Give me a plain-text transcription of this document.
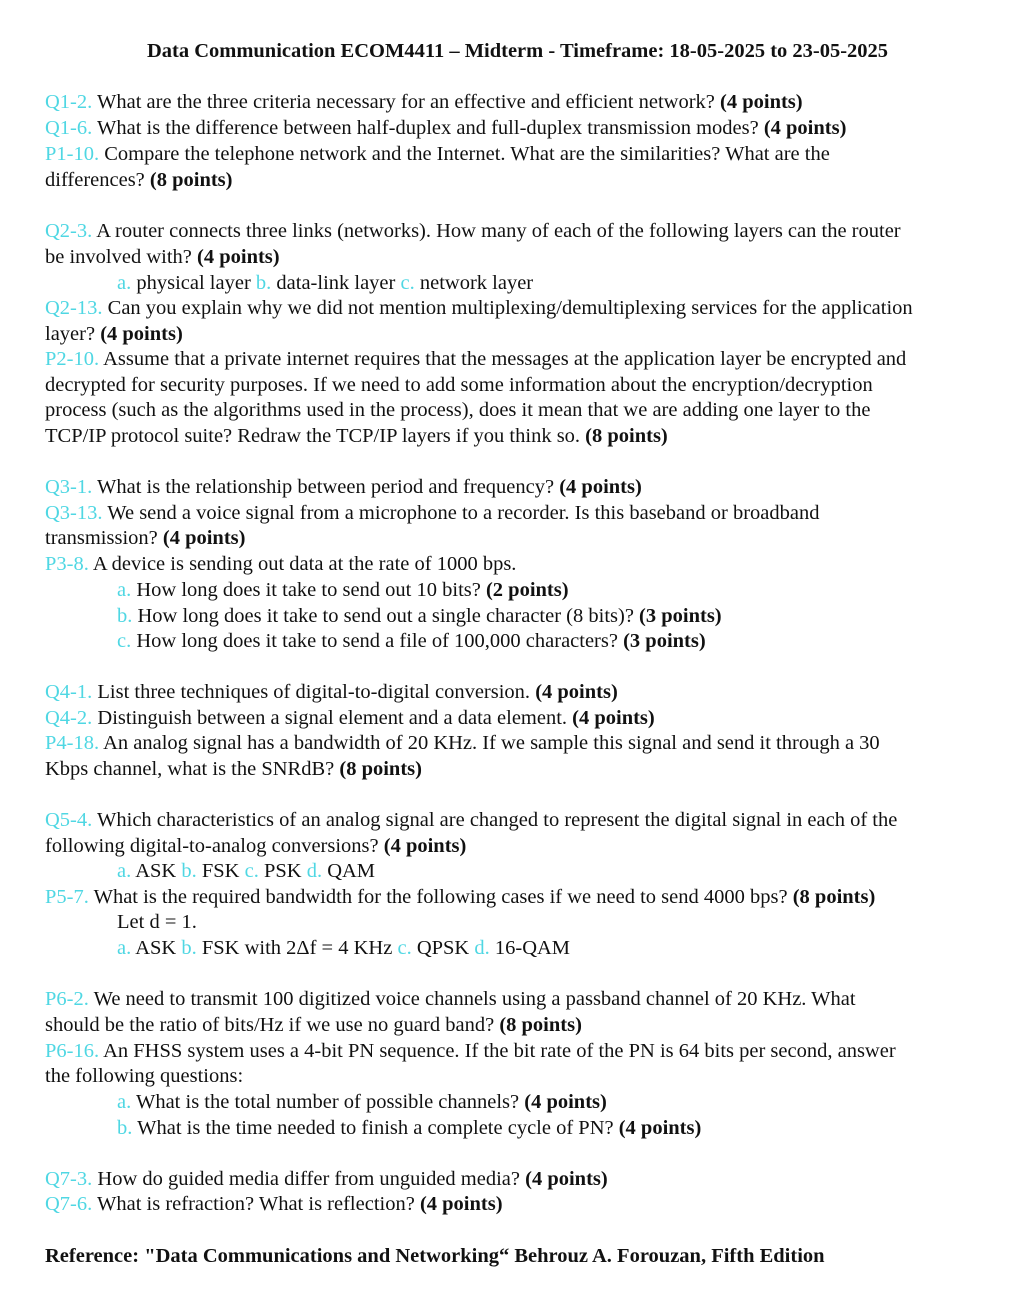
Data Communication ECOM4411 – Midterm - Timeframe: 18-05-2025 to 23-05-2025
Q1-2. What are the three criteria necessary for an effective and efficient network? (4 points)
Q1-6. What is the difference between half-duplex and full-duplex transmission modes? (4 points)
P1-10. Compare the telephone network and the Internet. What are the similarities? What are the
differences? (8 points)
Q2-3. A router connects three links (networks). How many of each of the following layers can the router
be involved with? (4 points)
a. physical layer b. data-link layer c. network layer
Q2-13. Can you explain why we did not mention multiplexing/demultiplexing services for the application
layer? (4 points)
P2-10. Assume that a private internet requires that the messages at the application layer be encrypted and
decrypted for security purposes. If we need to add some information about the encryption/decryption
process (such as the algorithms used in the process), does it mean that we are adding one layer to the
TCP/IP protocol suite? Redraw the TCP/IP layers if you think so. (8 points)
Q3-1. What is the relationship between period and frequency? (4 points)
Q3-13. We send a voice signal from a microphone to a recorder. Is this baseband or broadband
transmission? (4 points)
P3-8. A device is sending out data at the rate of 1000 bps.
a. How long does it take to send out 10 bits? (2 points)
b. How long does it take to send out a single character (8 bits)? (3 points)
c. How long does it take to send a file of 100,000 characters? (3 points)
Q4-1. List three techniques of digital-to-digital conversion. (4 points)
Q4-2. Distinguish between a signal element and a data element. (4 points)
P4-18. An analog signal has a bandwidth of 20 KHz. If we sample this signal and send it through a 30
Kbps channel, what is the SNRdB? (8 points)
Q5-4. Which characteristics of an analog signal are changed to represent the digital signal in each of the
following digital-to-analog conversions? (4 points)
a. ASK b. FSK c. PSK d. QAM
P5-7. What is the required bandwidth for the following cases if we need to send 4000 bps? (8 points)
Let d = 1.
a. ASK b. FSK with 2Δf = 4 KHz c. QPSK d. 16-QAM
P6-2. We need to transmit 100 digitized voice channels using a passband channel of 20 KHz. What
should be the ratio of bits/Hz if we use no guard band? (8 points)
P6-16. An FHSS system uses a 4-bit PN sequence. If the bit rate of the PN is 64 bits per second, answer
the following questions:
a. What is the total number of possible channels? (4 points)
b. What is the time needed to finish a complete cycle of PN? (4 points)
Q7-3. How do guided media differ from unguided media? (4 points)
Q7-6. What is refraction? What is reflection? (4 points)
Reference: "Data Communications and Networking“ Behrouz A. Forouzan, Fifth Edition
